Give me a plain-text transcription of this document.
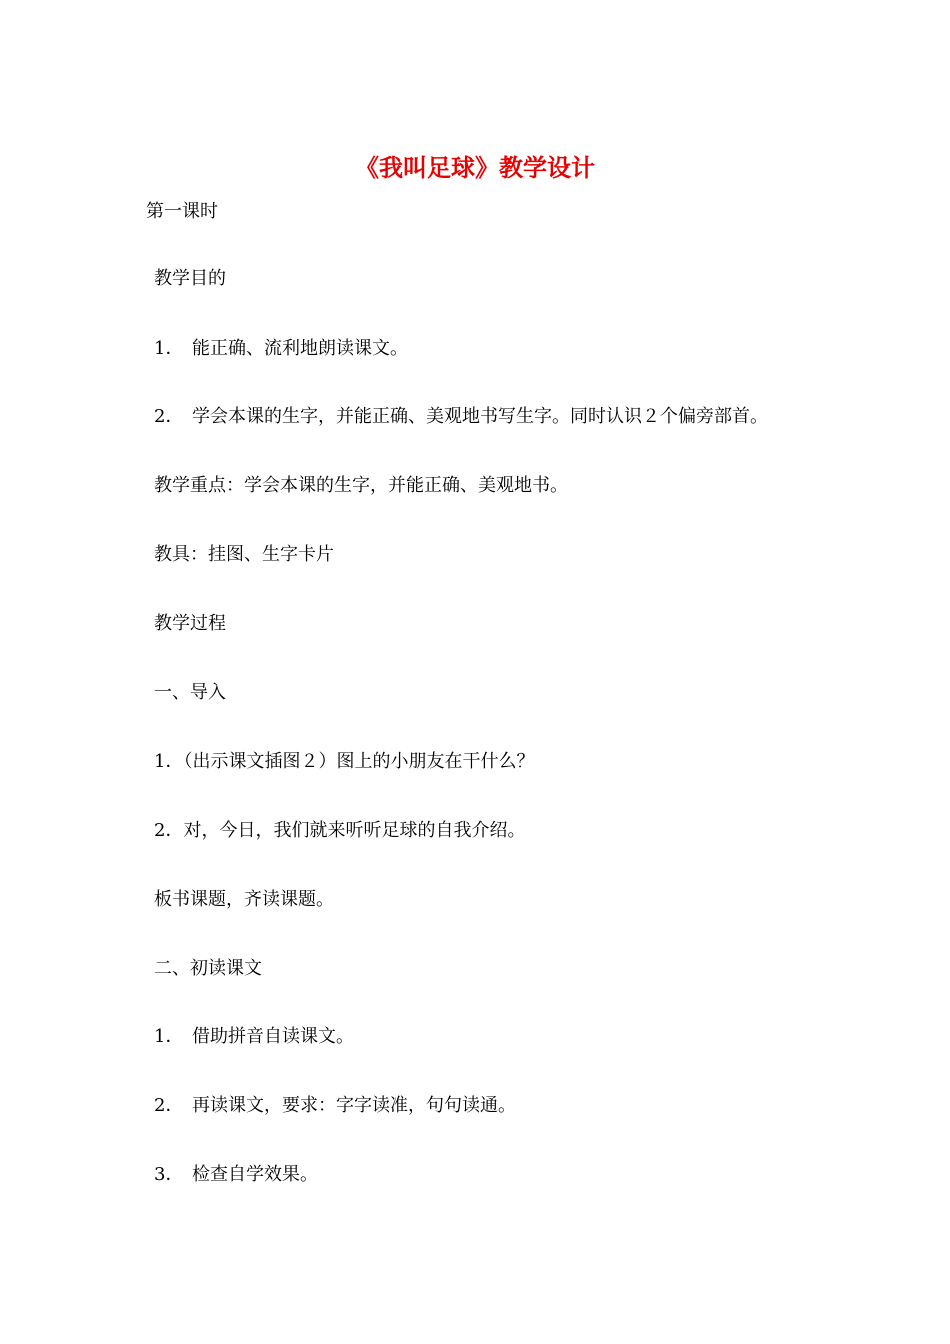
《我叫足球》教学设计
第一课时
教学目的
1． 能正确、流利地朗读课文。
2． 学会本课的生字，并能正确、美观地书写生字。同时认识２个偏旁部首。
教学重点：学会本课的生字，并能正确、美观地书。
教具：挂图、生字卡片
教学过程
一、导入
1．（出示课文插图２）图上的小朋友在干什么？
2．对，今日，我们就来听听足球的自我介绍。
板书课题，齐读课题。
二、初读课文
1． 借助拼音自读课文。
2． 再读课文，要求：字字读准，句句读通。
3． 检查自学效果。
